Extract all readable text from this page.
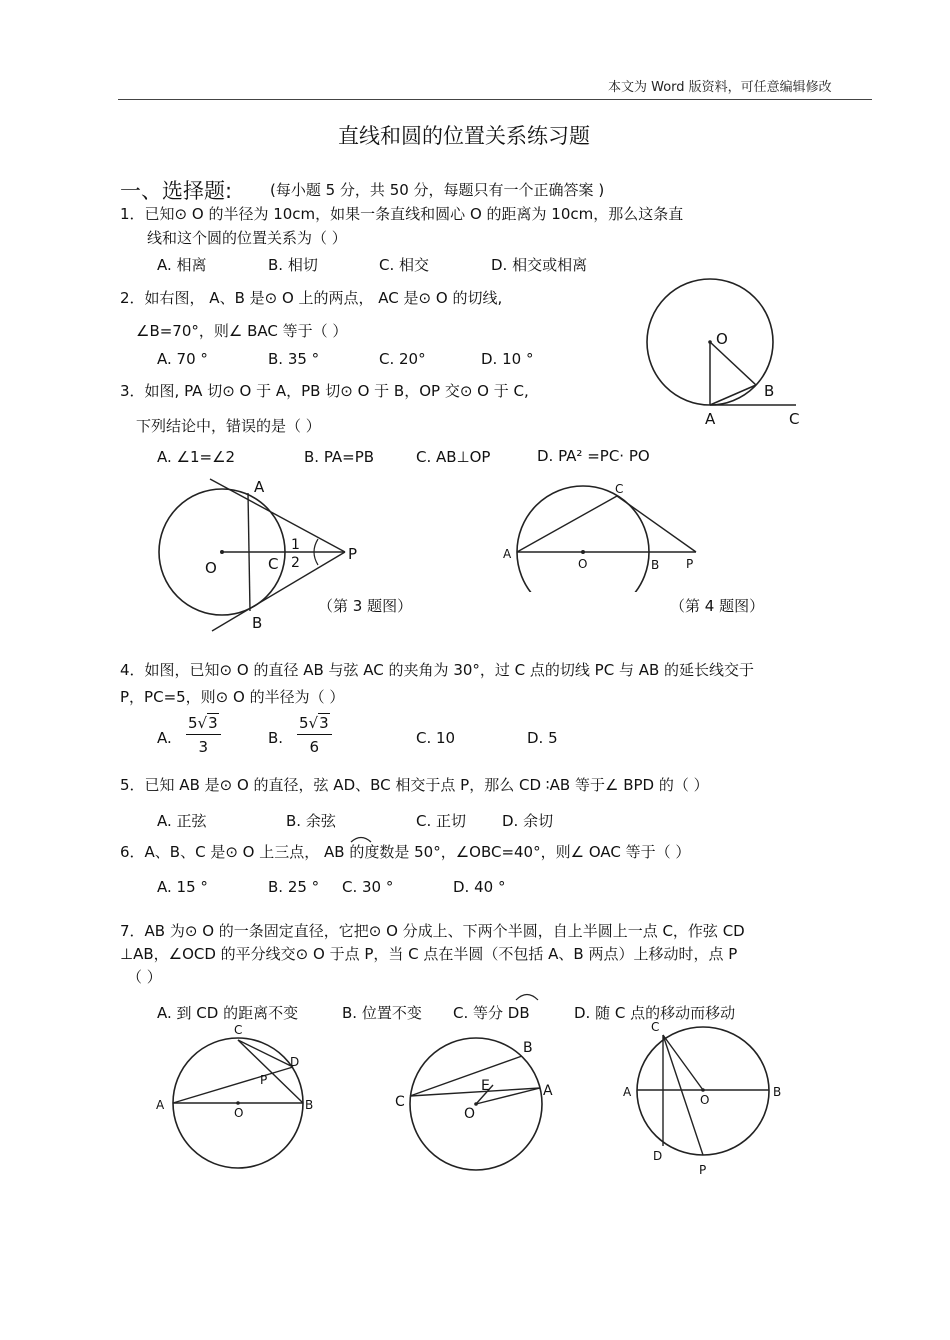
本文为 Word 版资料，可任意编辑修改
直线和圆的位置关系练习题
一、选择题:	(每小题 5 分，共 50 分，每题只有一个正确答案 )
1．已知⊙ O 的半径为 10cm，如果一条直线和圆心 O 的距离为 10cm，那么这条直
线和这个圆的位置关系为（ ）
A. 相离	B. 相切	C. 相交	D. 相交或相离
2．如右图， A、B 是⊙ O 上的两点， AC 是⊙ O 的切线,
∠B=70°，则∠ BAC 等于（ ）
A. 70 °	B. 35 °	C. 20°	D. 10 °
O
A
B
C
3．如图, PA 切⊙ O 于 A，PB 切⊙ O 于 B，OP 交⊙ O 于 C,
下列结论中，错误的是（ ）
A. ∠1=∠2	B. PA=PB	C. AB⊥OP	D. PA² =PC· PO
A
B
C
O
P
1
2
（第 3 题图）
A
O	B
C
P
（第 4 题图）
4．如图，已知⊙ O 的直径 AB 与弦 AC 的夹角为 30°，过 C 点的切线 PC 与 AB 的延长线交于
P，PC=5，则⊙ O 的半径为（ ）
A. $\frac{5√3}{3}$	B. $\frac{5√3}{6}$	C. 10	D. 5
5．已知 AB 是⊙ O 的直径，弦 AD、BC 相交于点 P，那么 CD ∶AB 等于∠ BPD 的（ ）
A. 正弦	B. 余弦	C. 正切 D. 余切
6．A、B、C 是⊙ O 上三点， AB 的度数是 50°，∠OBC=40°，则∠ OAC 等于（ ）
A. 15 °	B. 25 ° C. 30 °	D. 40 °
7．AB 为⊙ O 的一条固定直径，它把⊙ O 分成上、下两个半圆，自上半圆上一点 C，作弦 CD
⊥AB，∠OCD 的平分线交⊙ O 于点 P，当 C 点在半圆（不包括 A、B 两点）上移动时，点 P
（ ）
A. 到 CD 的距离不变	B. 位置不变 C. 等分 DB	D. 随 C 点的移动而移动
C
D
P
A
O
B
B
E
C
A
O
C
A
O
B
D
P
